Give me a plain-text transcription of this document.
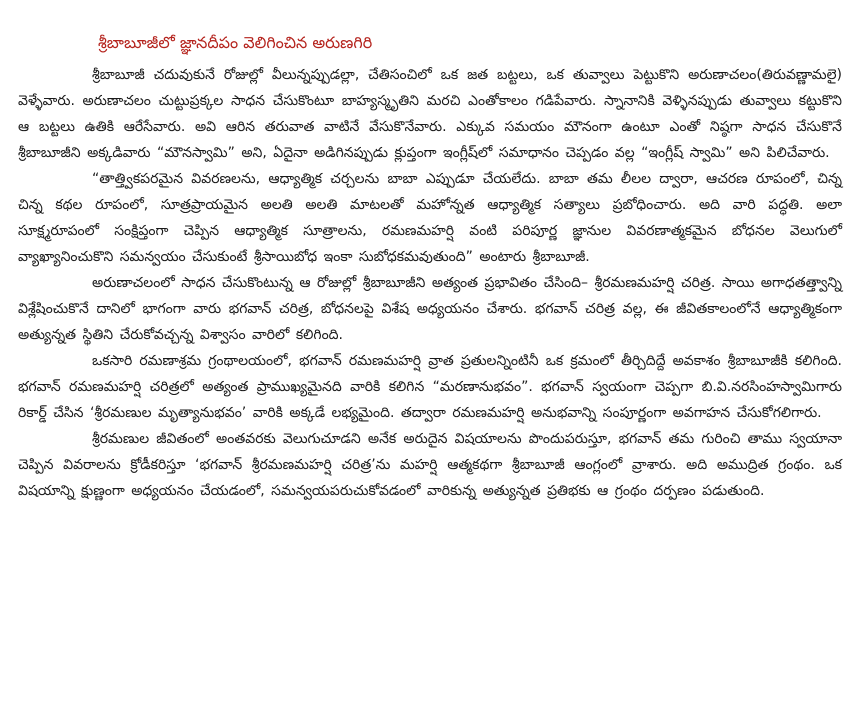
శ్రీబాబూజీలో జ్ఞానదీపం వెలిగించిన అరుణగిరి

శ్రీబాబూజీ చదువుకునే రోజుల్లో వీలున్నప్పుడల్లా, చేతిసంచిలో ఒక జత బట్టలు, ఒక తువ్వాలు పెట్టుకొని అరుణాచలం(తిరువణ్ణామలై) వెళ్ళేవారు. అరుణాచలం చుట్టుప్రక్కల సాధన చేసుకొంటూ బాహ్యస్మృతిని మరచి ఎంతోకాలం గడిపేవారు. స్నానానికి వెళ్ళినప్పుడు తువ్వాలు కట్టుకొని ఆ బట్టలు ఉతికి ఆరేసేవారు. అవి ఆరిన తరువాత వాటినే వేసుకొనేవారు. ఎక్కువ సమయం మౌనంగా ఉంటూ ఎంతో నిష్ఠగా సాధన చేసుకొనే శ్రీబాబూజీని అక్కడివారు “మౌనస్వామి” అని, ఏదైనా అడిగినప్పుడు క్లుప్తంగా ఇంగ్లీష్‌లో సమాధానం చెప్పడం వల్ల “ఇంగ్లీష్ స్వామి” అని పిలిచేవారు.

“తాత్త్వికపరమైన వివరణలను, ఆధ్యాత్మిక చర్చలను బాబా ఎప్పుడూ చేయలేదు. బాబా తమ లీలల ద్వారా, ఆచరణ రూపంలో, చిన్న చిన్న కథల రూపంలో, సూత్రప్రాయమైన అలతి అలతి మాటలతో మహోన్నత ఆధ్యాత్మిక సత్యాలు ప్రబోధించారు. అది వారి పద్ధతి. అలా సూక్ష్మరూపంలో సంక్షిప్తంగా చెప్పిన ఆధ్యాత్మిక సూత్రాలను, రమణమహర్షి వంటి పరిపూర్ణ జ్ఞానుల వివరణాత్మకమైన బోధనల వెలుగులో వ్యాఖ్యానించుకొని సమన్వయం చేసుకుంటే శ్రీసాయిబోధ ఇంకా సుబోధకమవుతుంది” అంటారు శ్రీబాబూజీ.

అరుణాచలంలో సాధన చేసుకొంటున్న ఆ రోజుల్లో శ్రీబాబూజీని అత్యంత ప్రభావితం చేసింది– శ్రీరమణమహర్షి చరిత్ర. సాయి అగాధతత్త్వాన్ని విశ్లేషించుకొనే దానిలో భాగంగా వారు భగవాన్ చరిత్ర, బోధనలపై విశేష అధ్యయనం చేశారు. భగవాన్ చరిత్ర వల్ల, ఈ జీవితకాలంలోనే ఆధ్యాత్మికంగా అత్యున్నత స్థితిని చేరుకోవచ్చన్న విశ్వాసం వారిలో కలిగింది.

ఒకసారి రమణాశ్రమ గ్రంథాలయంలో, భగవాన్ రమణమహర్షి వ్రాత ప్రతులన్నింటినీ ఒక క్రమంలో తీర్చిదిద్దే అవకాశం శ్రీబాబూజీకి కలిగింది. భగవాన్ రమణమహర్షి చరిత్రలో అత్యంత ప్రాముఖ్యమైనది వారికి కలిగిన “మరణానుభవం”. భగవాన్ స్వయంగా చెప్పగా బి.వి.నరసింహస్వామిగారు రికార్డ్ చేసిన ‘శ్రీరమణుల మృత్యానుభవం’ వారికి అక్కడే లభ్యమైంది. తద్వారా రమణమహర్షి అనుభవాన్ని సంపూర్ణంగా అవగాహన చేసుకోగలిగారు.

శ్రీరమణుల జీవితంలో అంతవరకు వెలుగుచూడని అనేక అరుదైన విషయాలను పొందుపరుస్తూ, భగవాన్ తమ గురించి తాము స్వయానా చెప్పిన వివరాలను క్రోడీకరిస్తూ ‘భగవాన్ శ్రీరమణమహర్షి చరిత్ర’ను మహర్షి ఆత్మకథగా శ్రీబాబూజీ ఆంగ్లంలో వ్రాశారు. అది అముద్రిత గ్రంథం. ఒక విషయాన్ని క్షుణ్ణంగా అధ్యయనం చేయడంలో, సమన్వయపరుచుకోవడంలో వారికున్న అత్యున్నత ప్రతిభకు ఆ గ్రంథం దర్పణం పడుతుంది.
